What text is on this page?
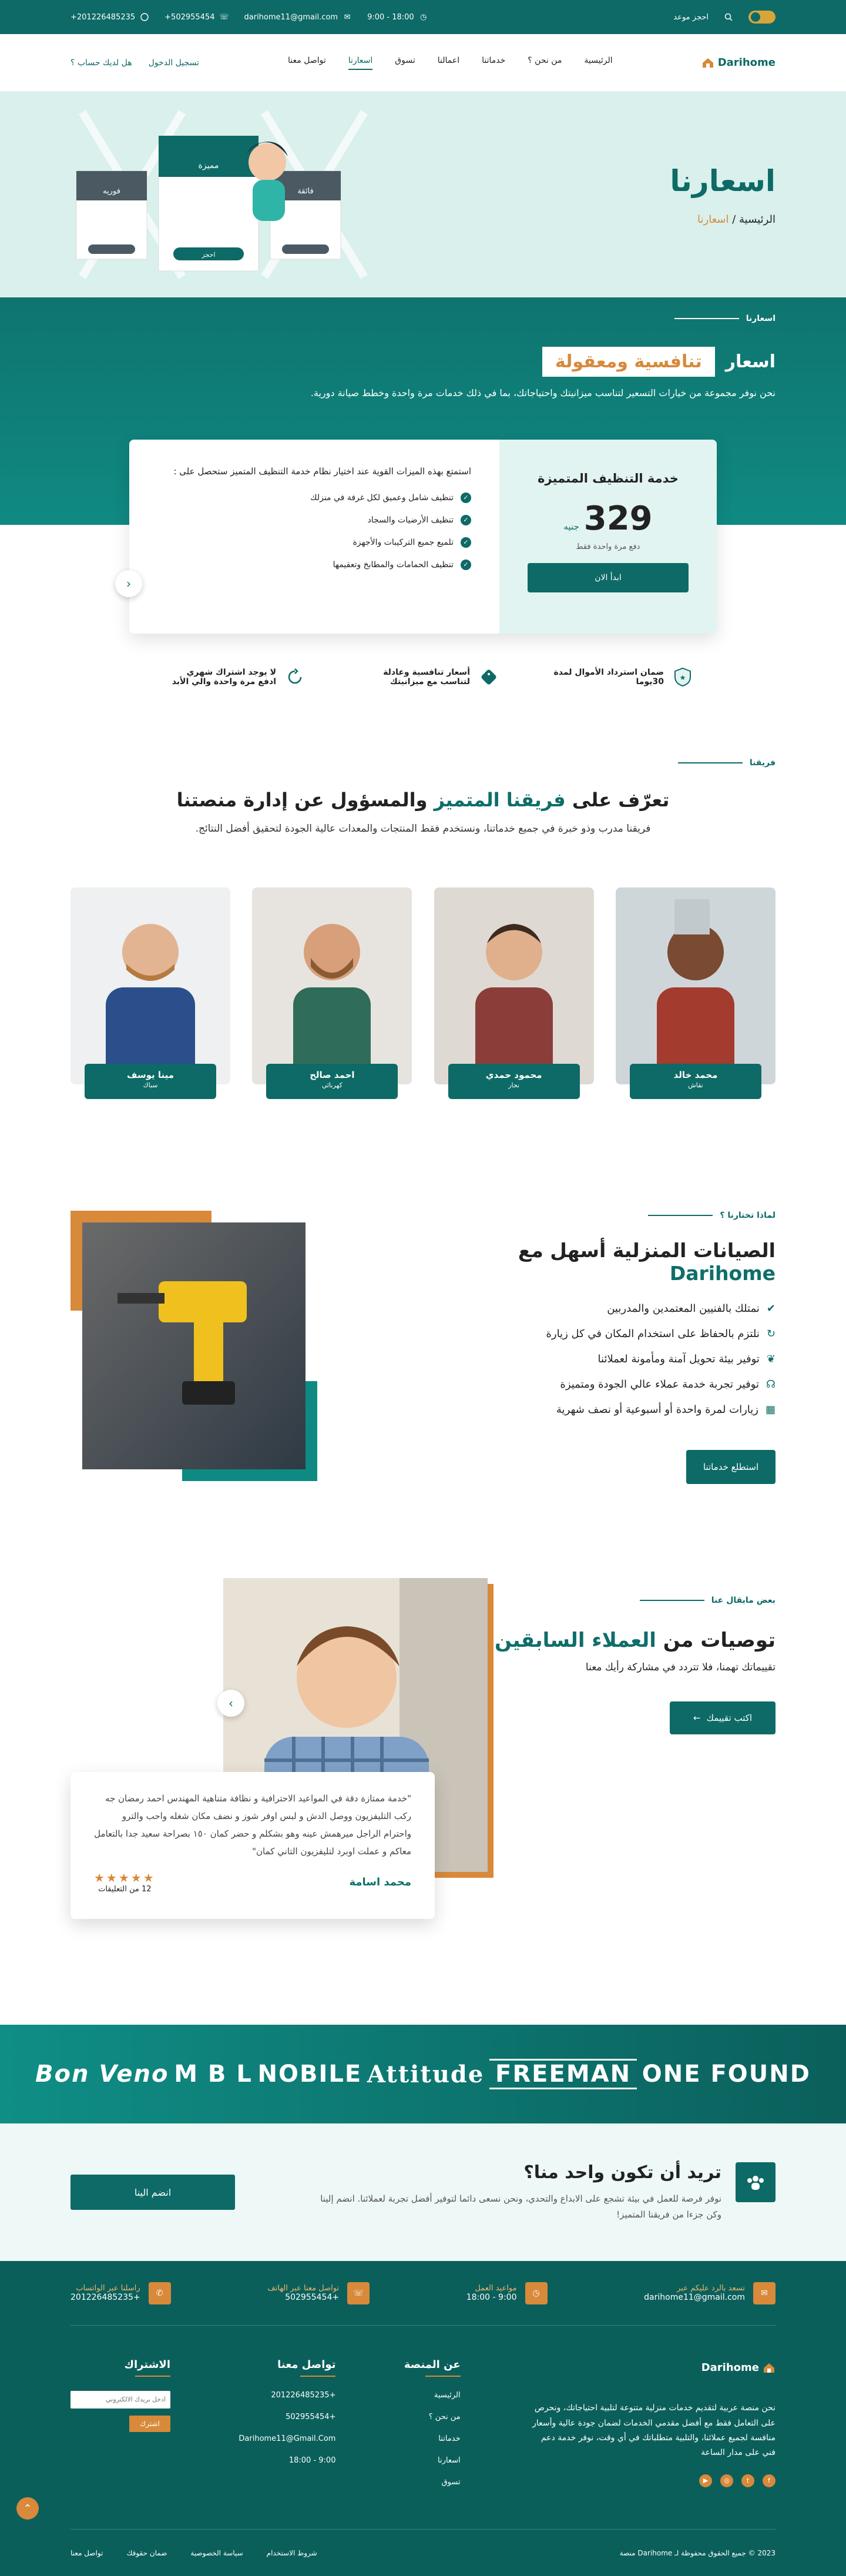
+201226485235	+502955454 ☏ darihome11@gmail.com ✉ 9:00 - 18:00 ◷	احجز موعد
هل لديك حساب ؟ تسجيل الدخول	الرئيسية
من نحن ؟
خدماتنا
اعمالنا
تسوق
اسعارنا
تواصل معنا	Darihome
فوريه
مميزة
احجز
فائقة	اسعارنا
الرئيسية / اسعارنا
اسعارنا
اسعار
تنافسية ومعقولة

نحن نوفر مجموعة من خيارات التسعير لتناسب ميزانيتك واحتياجاتك، بما في ذلك خدمات مرة واحدة وخطط صيانة دورية.

خدمة التنظيف المتميزة
329
جنيه
دفع مرة واحدة فقط
ابدأ الان

استمتع بهذه الميزات القوية عند اختيار نظام خدمة التنظيف المتميز ستحصل على :

✓
تنظيف شامل وعميق لكل غرفة في منزلك
✓
تنظيف الأرضيات والسجاد
✓
تلميع جميع التركيبات والأجهزة
✓
تنظيف الحمامات والمطابخ وتعقيمها
‹
★
ضمان استرداد الأموال لمدة
30يوما
أسعار تنافسية وعادلة
لتناسب مع ميزانيتك
لا يوجد اشتراك شهري
ادفع مرة واحدة والي الأبد
فريقنا
تعرّف على فريقنا المتميز والمسؤول عن إدارة منصتنا

فريقنا مدرب وذو خبرة في جميع خدماتنا، ونستخدم فقط المنتجات والمعدات عالية الجودة لتحقيق أفضل النتائج.

محمد خالد
نقاش
محمود حمدي
نجار
احمد صالح
كهربائي
مينا يوسف
سباك
لماذا تختارنا ؟
الصيانات المنزلية أسهل مع Darihome
✔
نمتلك بالفنيين المعتمدين والمدربين
↻
نلتزم بالحفاظ على استخدام المكان في كل زيارة
❦
توفير بيئة تحويل آمنة ومأمونة لعملائنا
☊
توفير تجربة خدمة عملاء عالي الجودة ومتميزة
▦
زيارات لمرة واحدة أو أسبوعية أو نصف شهرية
استطلع خدماتنا
‹

"خدمة ممتازة دقة في المواعيد الاحترافية و نظافة متناهية المهندس احمد رمضان جه ركب التليفزيون ووصل الدش و لبس اوفر شوز و نضف مكان شغله واحب والترو واحترام الراجل ميرهمش عينه وهو بشكلم و حضر كمان ١٥٠ بصراحة سعيد جدا بالتعامل معاكم و عملت اوبرد لتليفزيون التاني كمان"

محمد اسامة
★★★★★
12 من التعليقات
بعض مايقال عنا
توصيات من العملاء السابقين

تقييماتك تهمنا، فلا تتردد في مشاركة رأيك معنا

اكتب تقييمك
←
Bon Veno M B L NOBILE Attitude FREEMAN ONE FOUND
انضم الينا
تريد أن تكون واحد منا؟

نوفر فرصة للعمل في بيئة تشجع على الابداع والتحدي، ونحن نسعى دائما لتوفير أفضل تجربة لعملائنا. انضم إلينا وكن جزءا من فريقنا المتميز!

✉
تسعد بالرد عليكم عبر
darihome11@gmail.com
◷
مواعيد العمل
9:00 - 18:00
☏
تواصل معنا عبر الهاتف
+502955454
✆
راسلنا عبر الواتساب
+201226485235
Darihome

نحن منصة عربية لتقديم خدمات منزلية متنوعة لتلبية احتياجاتك، ونحرص على التعامل فقط مع أفضل مقدمي الخدمات لضمان جودة عالية وأسعار منافسة لجميع عملائنا، والتلبية متطلباتك في أي وقت، نوفر خدمة دعم فني على مدار الساعة

f
t
◎
▶
عن المنصة

الرئيسية

من نحن ؟

خدماتنا

اسعارنا

تسوق

تواصل معنا

+201226485235

+502955454

Darihome11@Gmail.Com

9:00 - 18:00

الاشتراك
ادخل بريدك الالكتروني
اشترك
2023 © جميع الحقوق محفوظة لـ Darihome منصة
شروط الاستخدام
سياسة الخصوصية
ضمان حقوقك
تواصل معنا
⌃
